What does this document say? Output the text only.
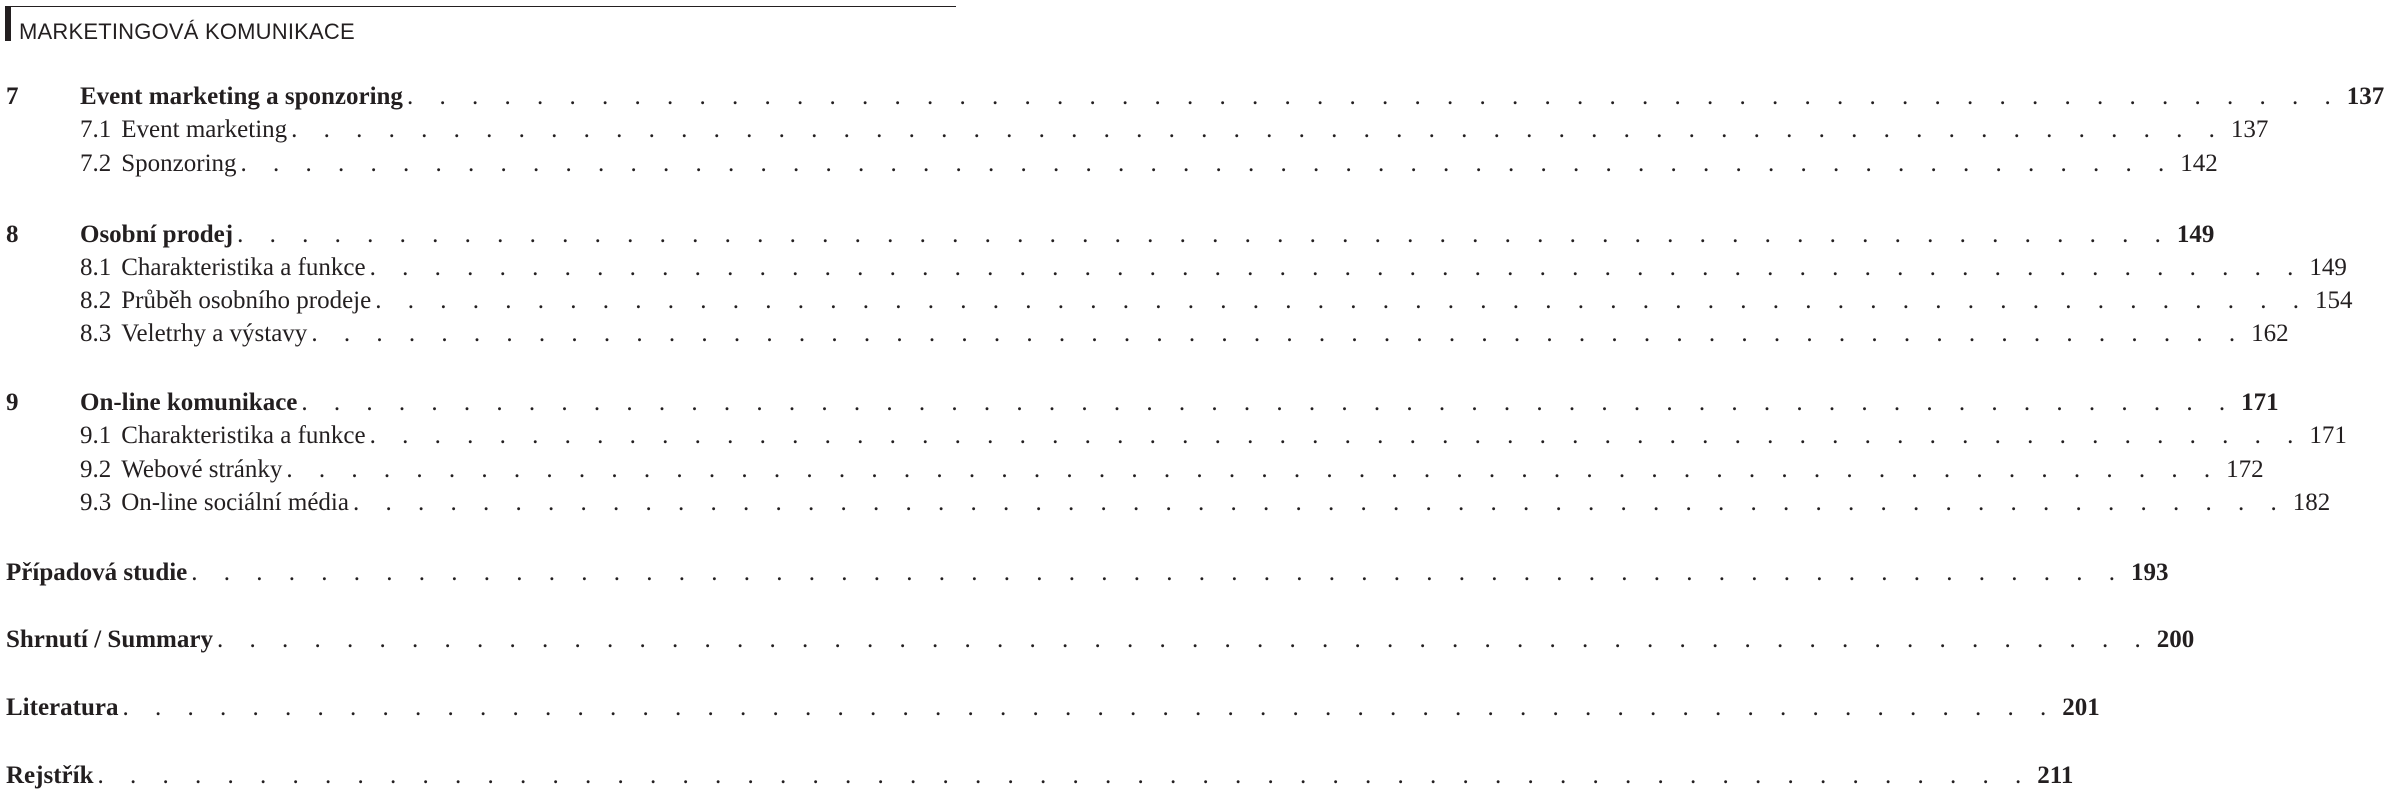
MARKETINGOVÁ KOMUNIKACE
7 Event marketing a sponzoring . . . . . . . . . . . . . . . . . . . . . . . . . . . . . . . . . . . . . . . . . . . . . . . . . . . . . . . . . . . . 137
7.1 Event marketing . . . . . . . . . . . . . . . . . . . . . . . . . . . . . . . . . . . . . . . . . . . . . . . . . . . . . . . . . . . . 137
7.2 Sponzoring . . . . . . . . . . . . . . . . . . . . . . . . . . . . . . . . . . . . . . . . . . . . . . . . . . . . . . . . . . . . 142
8 Osobní prodej . . . . . . . . . . . . . . . . . . . . . . . . . . . . . . . . . . . . . . . . . . . . . . . . . . . . . . . . . . . . 149
8.1 Charakteristika a funkce . . . . . . . . . . . . . . . . . . . . . . . . . . . . . . . . . . . . . . . . . . . . . . . . . . . . . . . . . . . . 149
8.2 Průběh osobního prodeje . . . . . . . . . . . . . . . . . . . . . . . . . . . . . . . . . . . . . . . . . . . . . . . . . . . . . . . . . . . . 154
8.3 Veletrhy a výstavy . . . . . . . . . . . . . . . . . . . . . . . . . . . . . . . . . . . . . . . . . . . . . . . . . . . . . . . . . . . . 162
9 On-line komunikace . . . . . . . . . . . . . . . . . . . . . . . . . . . . . . . . . . . . . . . . . . . . . . . . . . . . . . . . . . . . 171
9.1 Charakteristika a funkce . . . . . . . . . . . . . . . . . . . . . . . . . . . . . . . . . . . . . . . . . . . . . . . . . . . . . . . . . . . . 171
9.2 Webové stránky . . . . . . . . . . . . . . . . . . . . . . . . . . . . . . . . . . . . . . . . . . . . . . . . . . . . . . . . . . . . 172
9.3 On-line sociální média . . . . . . . . . . . . . . . . . . . . . . . . . . . . . . . . . . . . . . . . . . . . . . . . . . . . . . . . . . . . 182
Případová studie . . . . . . . . . . . . . . . . . . . . . . . . . . . . . . . . . . . . . . . . . . . . . . . . . . . . . . . . . . . . 193
Shrnutí / Summary . . . . . . . . . . . . . . . . . . . . . . . . . . . . . . . . . . . . . . . . . . . . . . . . . . . . . . . . . . . . 200
Literatura . . . . . . . . . . . . . . . . . . . . . . . . . . . . . . . . . . . . . . . . . . . . . . . . . . . . . . . . . . . . 201
Rejstřík . . . . . . . . . . . . . . . . . . . . . . . . . . . . . . . . . . . . . . . . . . . . . . . . . . . . . . . . . . . . 211
